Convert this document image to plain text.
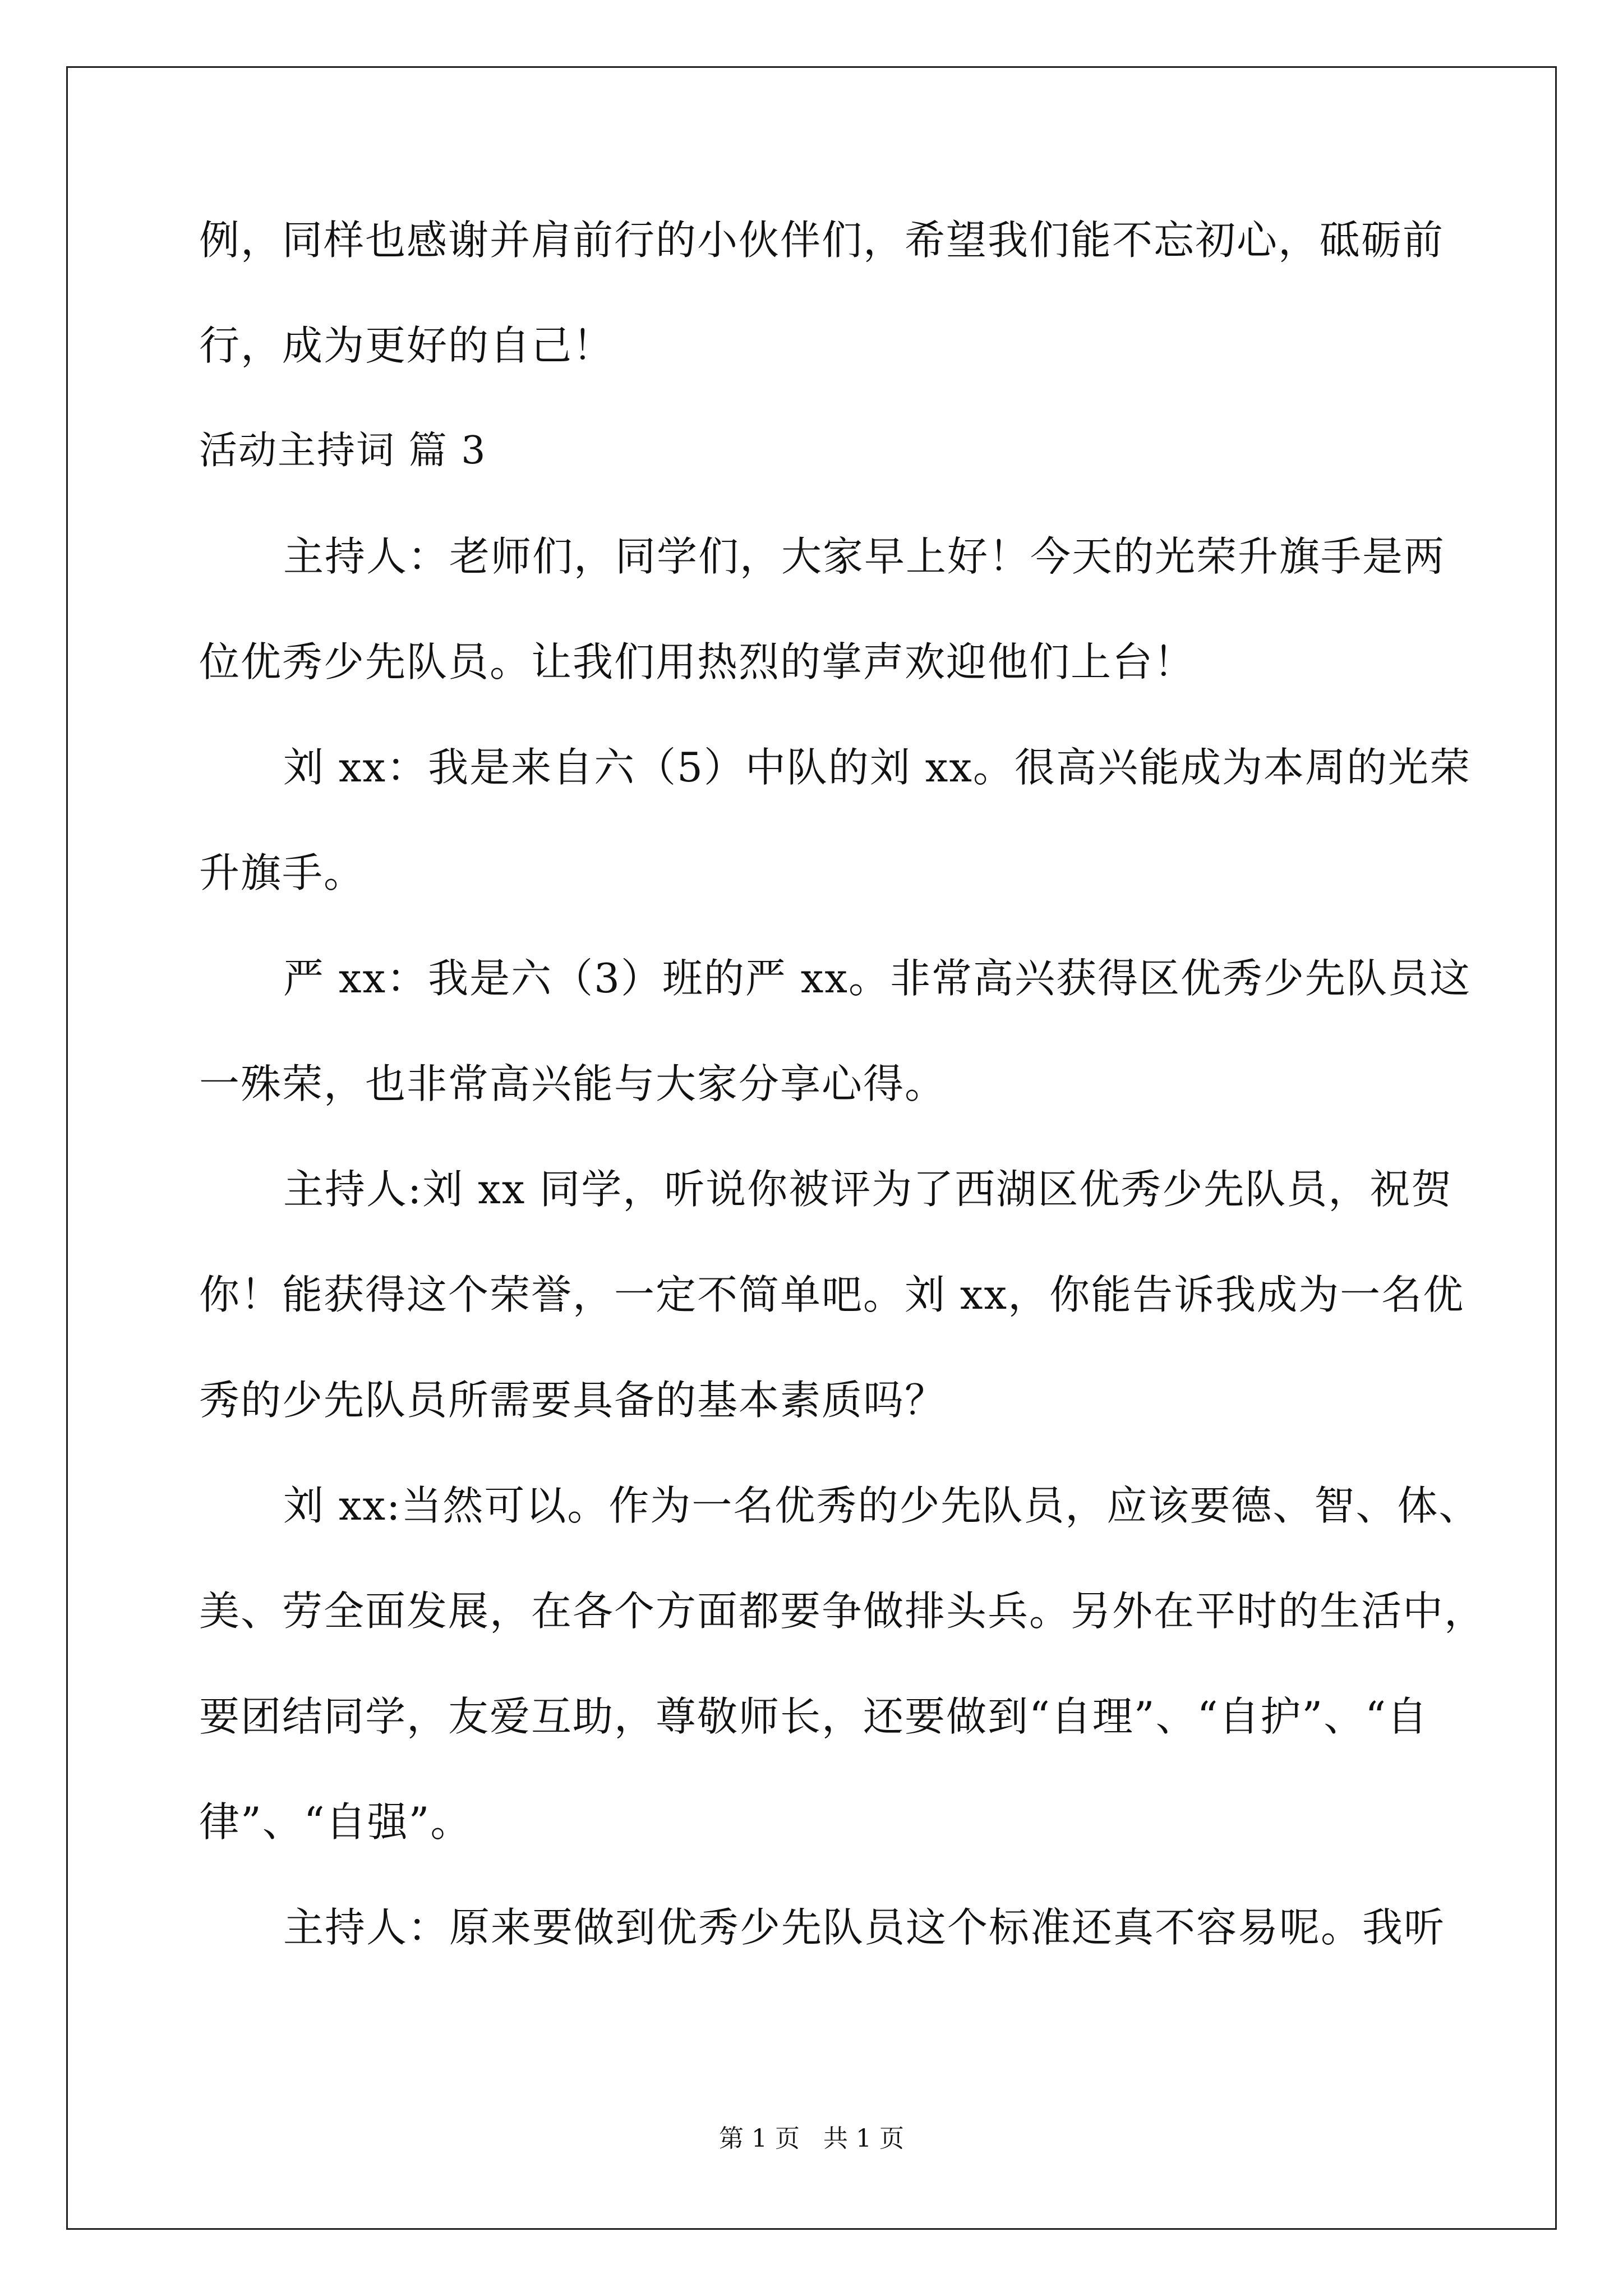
例，同样也感谢并肩前行的小伙伴们，希望我们能不忘初心，砥砺前
行，成为更好的自己！
活动主持词 篇 3
主持人：老师们，同学们，大家早上好！今天的光荣升旗手是两
位优秀少先队员。让我们用热烈的掌声欢迎他们上台！
刘 xx：我是来自六（5）中队的刘 xx。很高兴能成为本周的光荣
升旗手。
严 xx：我是六（3）班的严 xx。非常高兴获得区优秀少先队员这
一殊荣，也非常高兴能与大家分享心得。
主持人:刘 xx 同学，听说你被评为了西湖区优秀少先队员，祝贺
你！能获得这个荣誉，一定不简单吧。刘 xx，你能告诉我成为一名优
秀的少先队员所需要具备的基本素质吗？
刘 xx:当然可以。作为一名优秀的少先队员，应该要德、智、体、
美、劳全面发展，在各个方面都要争做排头兵。另外在平时的生活中，
要团结同学，友爱互助，尊敬师长，还要做到“自理”、“自护”、“自
律”、“自强”。
主持人：原来要做到优秀少先队员这个标准还真不容易呢。我听
第 1 页   共 1 页
